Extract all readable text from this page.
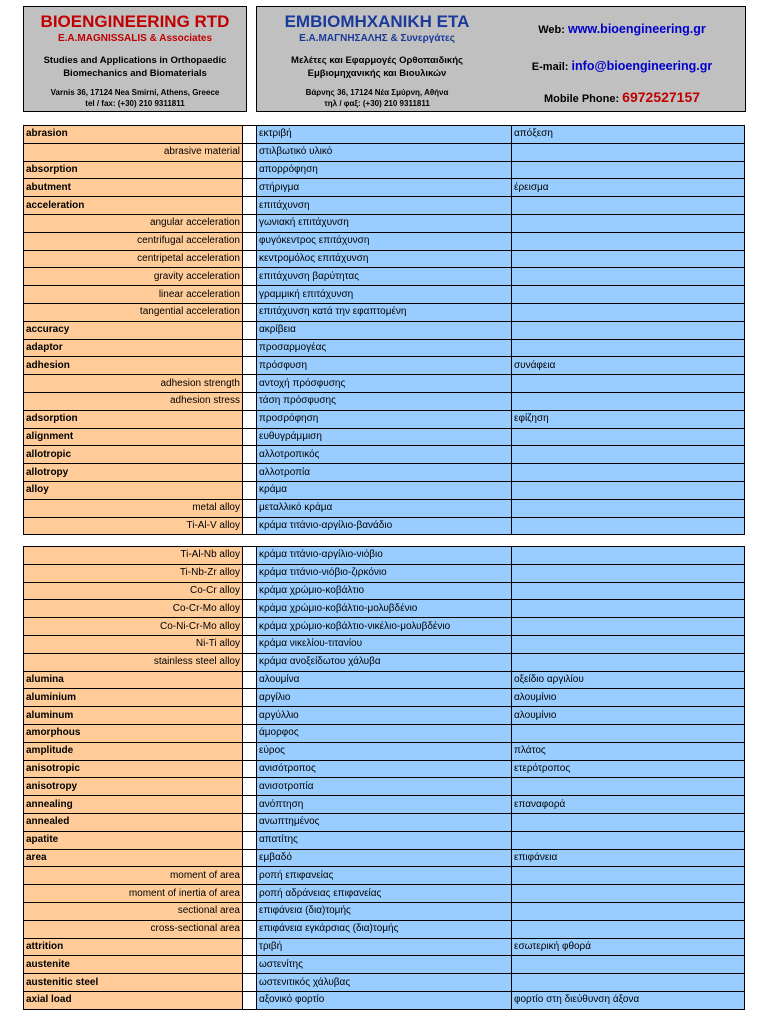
BIOENGINEERING RTD
E.A.MAGNISSALIS & Associates
Studies and Applications in Orthopaedic
Biomechanics and Biomaterials
Varnis 36, 17124 Nea Smirni, Athens, Greece
tel / fax: (+30) 210 9311811
ΕΜΒΙΟΜΗΧΑΝΙΚΗ ΕΤΑ
Ε.Α.ΜΑΓΝΗΣΑΛΗΣ & Συνεργάτες
Μελέτες και Εφαρμογές Ορθοπαιδικής
Εμβιομηχανικής και Βιουλικών
Βάρνης 36, 17124 Νέα Σμύρνη, Αθήνα
τηλ / φαξ: (+30) 210 9311811
Web: www.bioengineering.gr
E-mail: info@bioengineering.gr
Mobile Phone: 6972527157
abrasion		εκτριβή	απόξεση
abrasive material		στιλβωτικό υλικό	
absorption		απορρόφηση	
abutment		στήριγμα	έρεισμα
acceleration		επιτάχυνση	
angular acceleration		γωνιακή επιτάχυνση	
centrifugal acceleration		φυγόκεντρος επιτάχυνση	
centripetal acceleration		κεντρομόλος επιτάχυνση	
gravity acceleration		επιτάχυνση βαρύτητας	
linear acceleration		γραμμική επιτάχυνση	
tangential acceleration		επιτάχυνση κατά την εφαπτομένη	
accuracy		ακρίβεια	
adaptor		προσαρμογέας	
adhesion		πρόσφυση	συνάφεια
adhesion strength		αντοχή πρόσφυσης	
adhesion stress		τάση πρόσφυσης	
adsorption		προσρόφηση	εφίζηση
alignment		ευθυγράμμιση	
allotropic		αλλοτροπικός	
allotropy		αλλοτροπία	
alloy		κράμα	
metal alloy		μεταλλικό κράμα	
Ti-Al-V alloy		κράμα τιτάνιο-αργίλιο-βανάδιο	
Ti-Al-Nb alloy		κράμα τιτάνιο-αργίλιο-νιόβιο	
Ti-Nb-Zr alloy		κράμα τιτάνιο-νιόβιο-ζιρκόνιο	
Co-Cr alloy		κράμα χρώμιο-κοβάλτιο	
Co-Cr-Mo alloy		κράμα χρώμιο-κοβάλτιο-μολυβδένιο	
Co-Ni-Cr-Mo alloy		κράμα χρώμιο-κοβάλτιο-νικέλιο-μολυβδένιο	
Ni-Ti alloy		κράμα νικελίου-τιτανίου	
stainless steel alloy		κράμα ανοξείδωτου χάλυβα	
alumina		αλουμίνα	οξείδιο αργιλίου
aluminium		αργίλιο	αλουμίνιο
aluminum		αργύλλιο	αλουμίνιο
amorphous		άμορφος	
amplitude		εύρος	πλάτος
anisotropic		ανισότροπος	ετερότροπος
anisotropy		ανισοτροπία	
annealing		ανόπτηση	επαναφορά
annealed		ανωπτημένος	
apatite		απατίτης	
area		εμβαδό	επιφάνεια
moment of area		ροπή επιφανείας	
moment of inertia of area		ροπή αδράνειας επιφανείας	
sectional area		επιφάνεια (δια)τομής	
cross-sectional area		επιφάνεια εγκάρσιας (δια)τομής	
attrition		τριβή	εσωτερική φθορά
austenite		ωστενίτης	
austenitic steel		ωστενιτικός χάλυβας	
axial load		αξονικό φορτίο	φορτίο στη διεύθυνση άξονα
